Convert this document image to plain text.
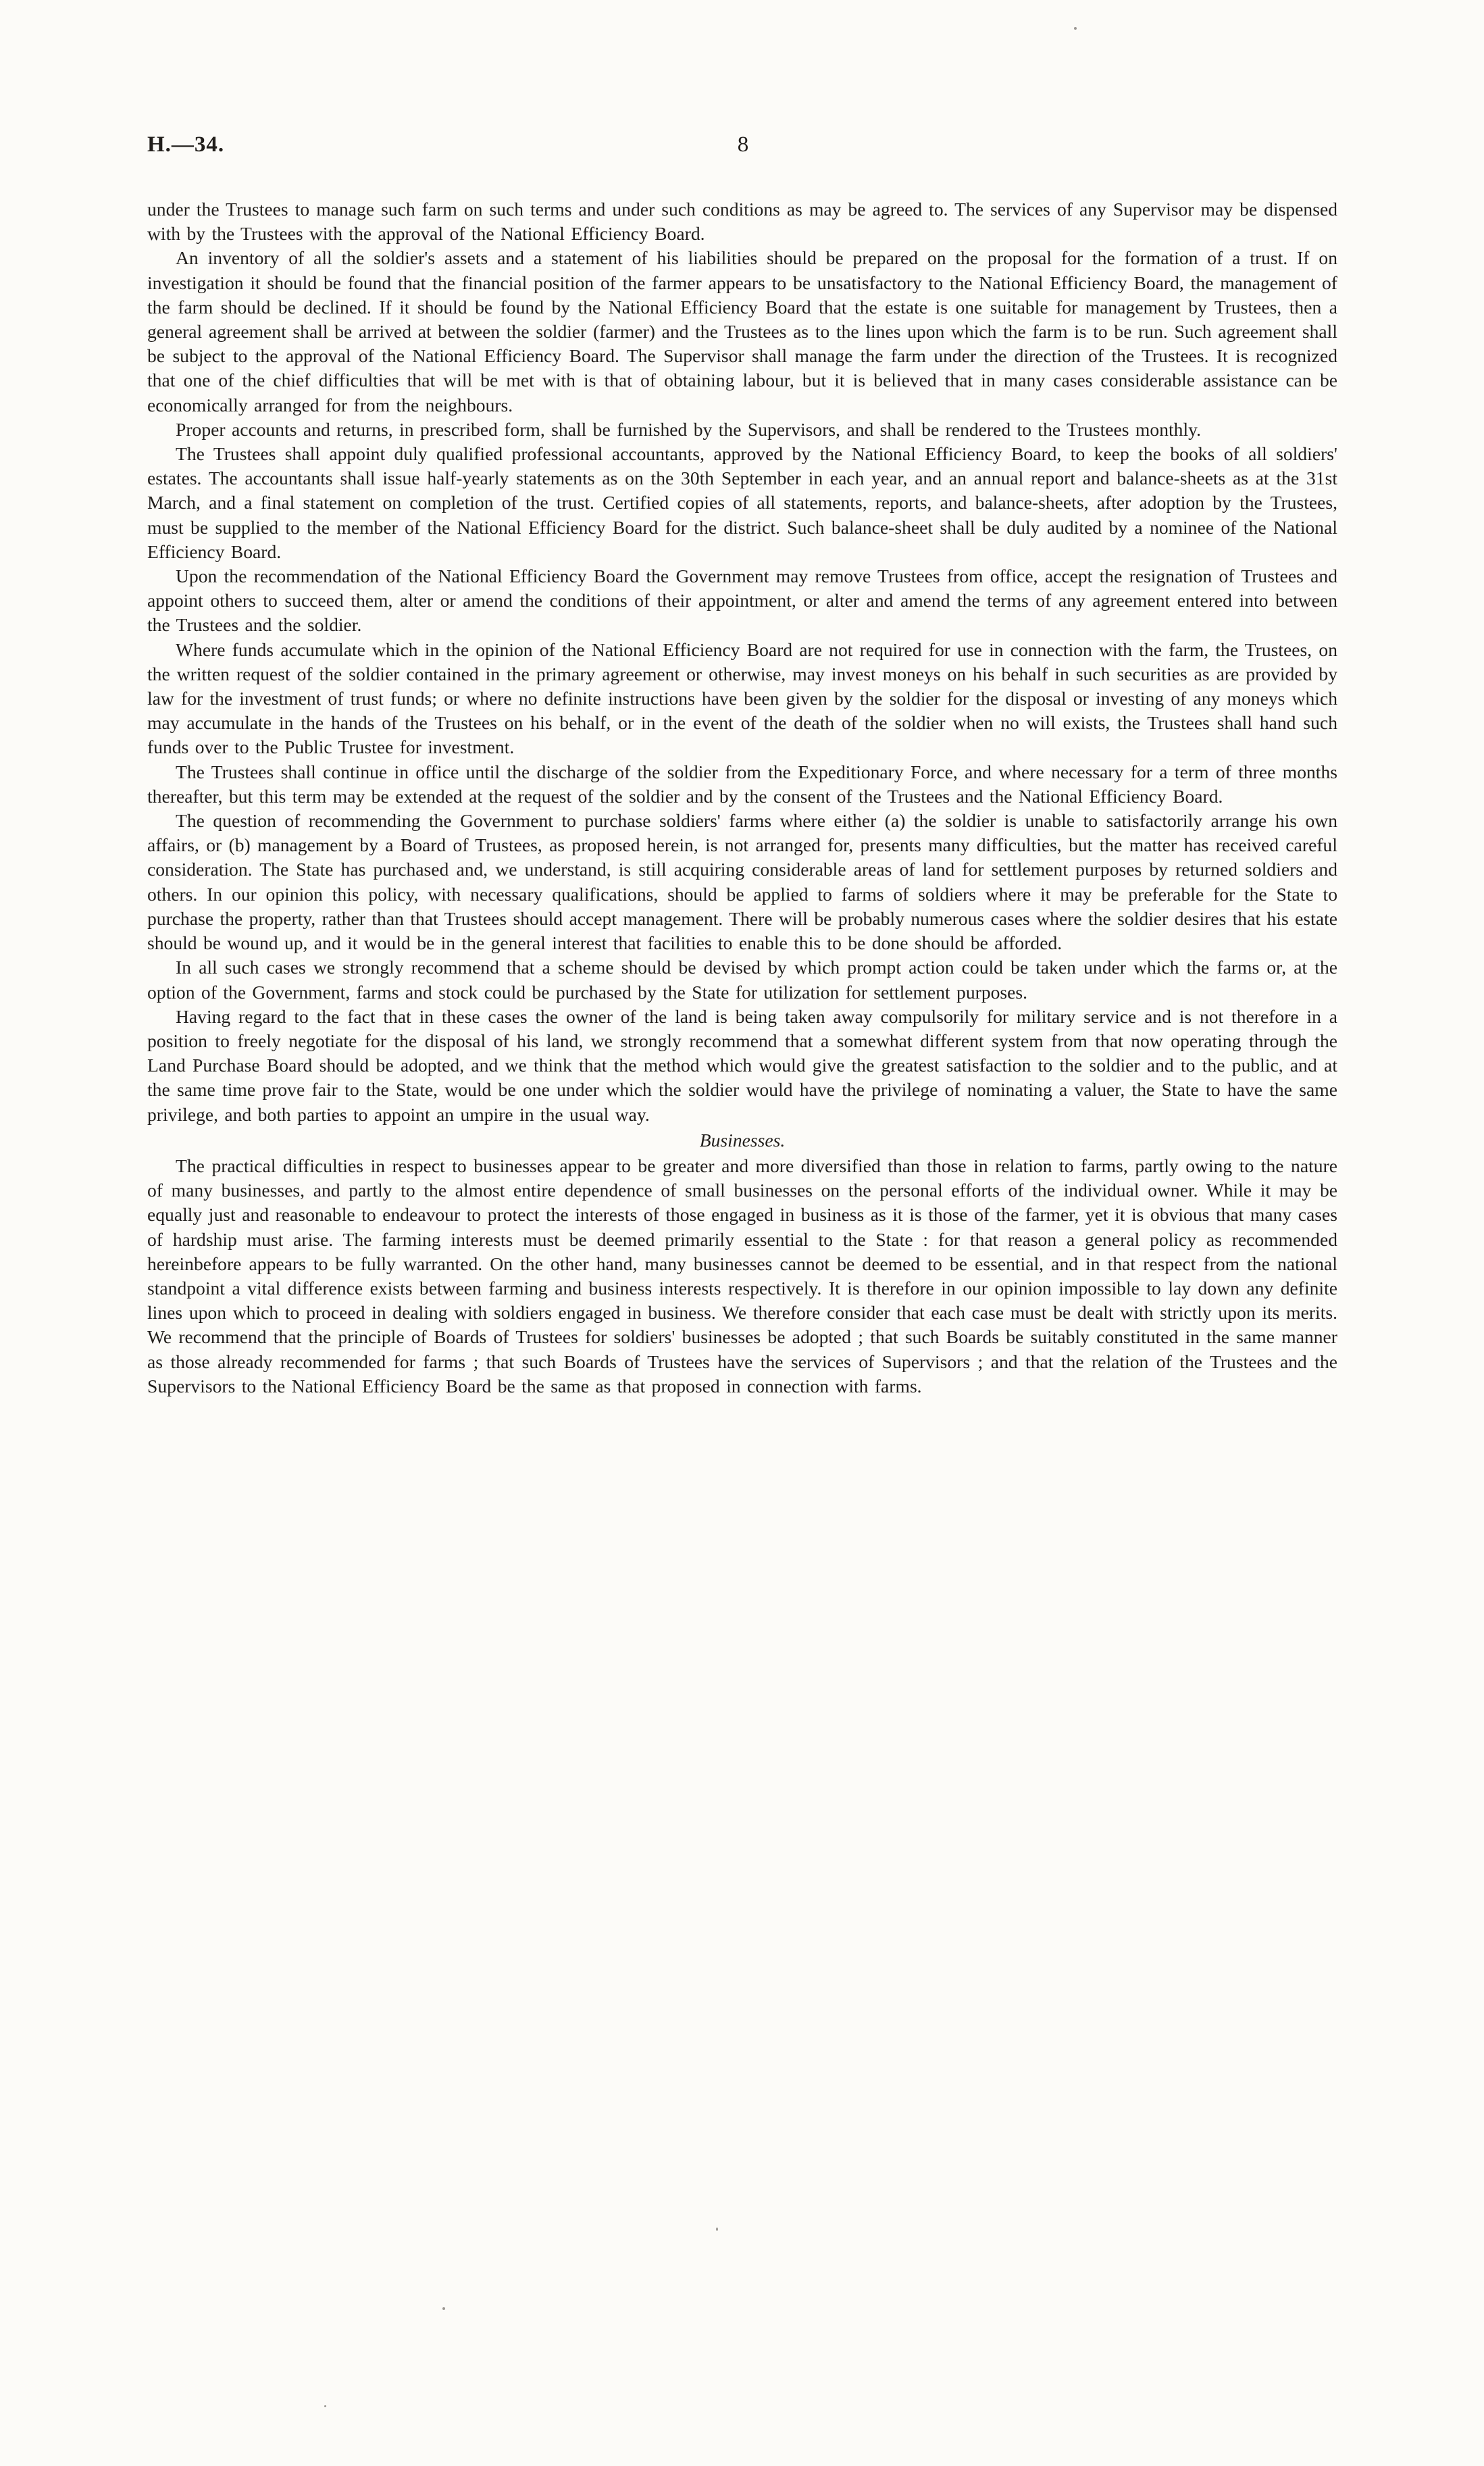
H.—34.	8

under the Trustees to manage such farm on such terms and under such conditions as may be agreed to. The services of any Supervisor may be dispensed with by the Trustees with the approval of the National Efficiency Board.

An inventory of all the soldier's assets and a statement of his liabilities should be prepared on the proposal for the formation of a trust. If on investigation it should be found that the financial position of the farmer appears to be unsatisfactory to the National Efficiency Board, the management of the farm should be declined. If it should be found by the National Efficiency Board that the estate is one suitable for management by Trustees, then a general agreement shall be arrived at between the soldier (farmer) and the Trustees as to the lines upon which the farm is to be run. Such agreement shall be subject to the approval of the National Efficiency Board. The Supervisor shall manage the farm under the direction of the Trustees. It is recognized that one of the chief difficulties that will be met with is that of obtaining labour, but it is believed that in many cases considerable assistance can be economically arranged for from the neighbours.

Proper accounts and returns, in prescribed form, shall be furnished by the Supervisors, and shall be rendered to the Trustees monthly.

The Trustees shall appoint duly qualified professional accountants, approved by the National Efficiency Board, to keep the books of all soldiers' estates. The accountants shall issue half-yearly statements as on the 30th September in each year, and an annual report and balance-sheets as at the 31st March, and a final statement on completion of the trust. Certified copies of all statements, reports, and balance-sheets, after adoption by the Trustees, must be supplied to the member of the National Efficiency Board for the district. Such balance-sheet shall be duly audited by a nominee of the National Efficiency Board.

Upon the recommendation of the National Efficiency Board the Government may remove Trustees from office, accept the resignation of Trustees and appoint others to succeed them, alter or amend the conditions of their appointment, or alter and amend the terms of any agreement entered into between the Trustees and the soldier.

Where funds accumulate which in the opinion of the National Efficiency Board are not required for use in connection with the farm, the Trustees, on the written request of the soldier contained in the primary agreement or otherwise, may invest moneys on his behalf in such securities as are provided by law for the investment of trust funds; or where no definite instructions have been given by the soldier for the disposal or investing of any moneys which may accumulate in the hands of the Trustees on his behalf, or in the event of the death of the soldier when no will exists, the Trustees shall hand such funds over to the Public Trustee for investment.

The Trustees shall continue in office until the discharge of the soldier from the Expeditionary Force, and where necessary for a term of three months thereafter, but this term may be extended at the request of the soldier and by the consent of the Trustees and the National Efficiency Board.

The question of recommending the Government to purchase soldiers' farms where either (a) the soldier is unable to satisfactorily arrange his own affairs, or (b) management by a Board of Trustees, as proposed herein, is not arranged for, presents many difficulties, but the matter has received careful consideration. The State has purchased and, we understand, is still acquiring considerable areas of land for settlement purposes by returned soldiers and others. In our opinion this policy, with necessary qualifications, should be applied to farms of soldiers where it may be preferable for the State to purchase the property, rather than that Trustees should accept management. There will be probably numerous cases where the soldier desires that his estate should be wound up, and it would be in the general interest that facilities to enable this to be done should be afforded.

In all such cases we strongly recommend that a scheme should be devised by which prompt action could be taken under which the farms or, at the option of the Government, farms and stock could be purchased by the State for utilization for settlement purposes.

Having regard to the fact that in these cases the owner of the land is being taken away compulsorily for military service and is not therefore in a position to freely negotiate for the disposal of his land, we strongly recommend that a somewhat different system from that now operating through the Land Purchase Board should be adopted, and we think that the method which would give the greatest satisfaction to the soldier and to the public, and at the same time prove fair to the State, would be one under which the soldier would have the privilege of nominating a valuer, the State to have the same privilege, and both parties to appoint an umpire in the usual way.

Businesses.

The practical difficulties in respect to businesses appear to be greater and more diversified than those in relation to farms, partly owing to the nature of many businesses, and partly to the almost entire dependence of small businesses on the personal efforts of the individual owner. While it may be equally just and reasonable to endeavour to protect the interests of those engaged in business as it is those of the farmer, yet it is obvious that many cases of hardship must arise. The farming interests must be deemed primarily essential to the State : for that reason a general policy as recommended hereinbefore appears to be fully warranted. On the other hand, many businesses cannot be deemed to be essential, and in that respect from the national standpoint a vital difference exists between farming and business interests respectively. It is therefore in our opinion impossible to lay down any definite lines upon which to proceed in dealing with soldiers engaged in business. We therefore consider that each case must be dealt with strictly upon its merits. We recommend that the principle of Boards of Trustees for soldiers' businesses be adopted ; that such Boards be suitably constituted in the same manner as those already recommended for farms ; that such Boards of Trustees have the services of Supervisors ; and that the relation of the Trustees and the Supervisors to the National Efficiency Board be the same as that proposed in connection with farms.
